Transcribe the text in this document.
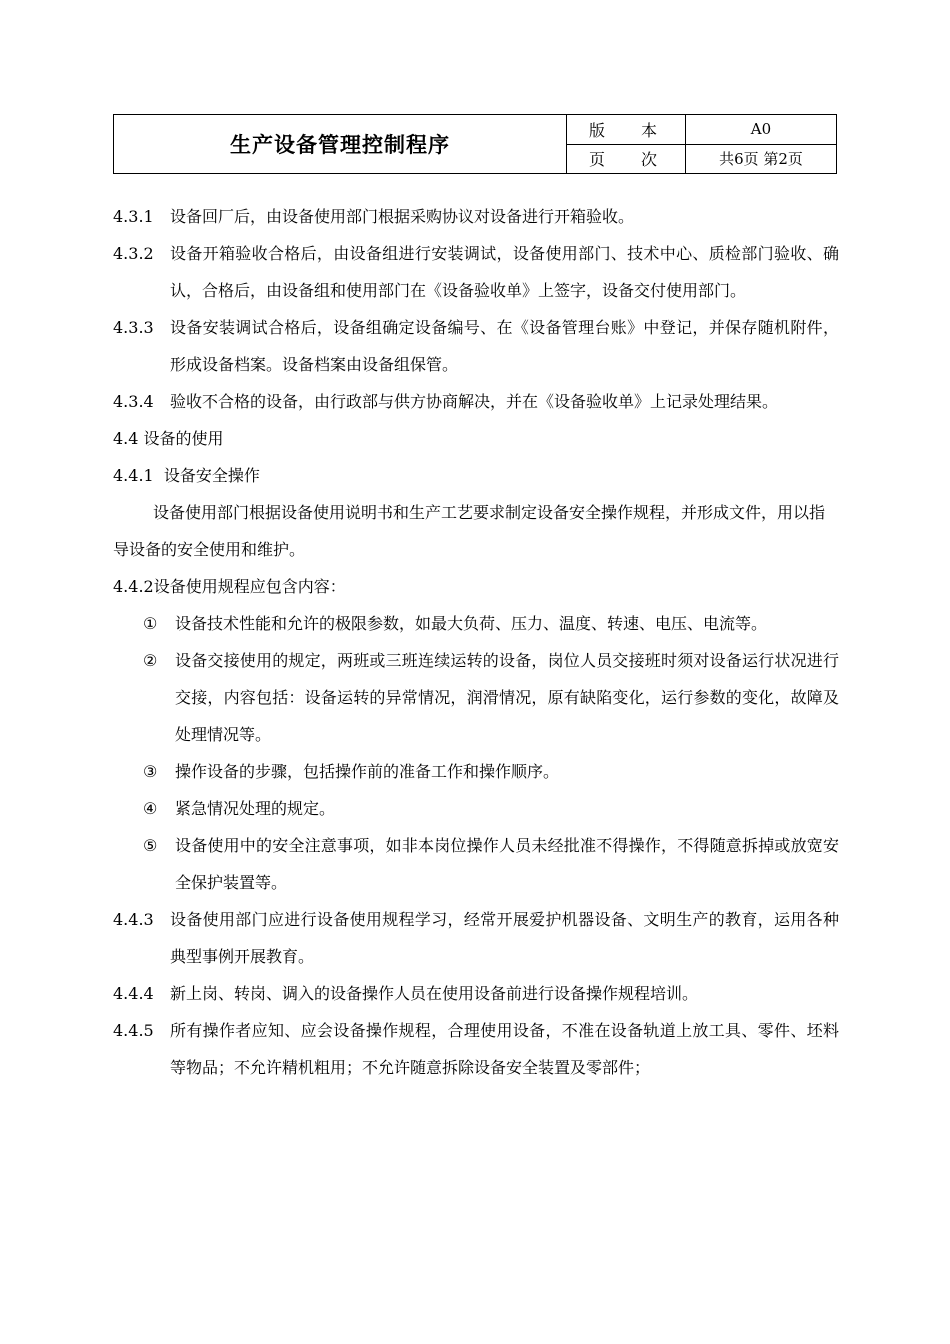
生产设备管理控制程序	版 本	A0

	页 次	共6页 第2页
4.3.1	设备回厂后，由设备使用部门根据采购协议对设备进行开箱验收。
4.3.2	设备开箱验收合格后，由设备组进行安装调试，设备使用部门、技术中心、质检部门验收、确认，合格后，由设备组和使用部门在《设备验收单》上签字，设备交付使用部门。
4.3.3	设备安装调试合格后，设备组确定设备编号、在《设备管理台账》中登记，并保存随机附件，形成设备档案。设备档案由设备组保管。
4.3.4	验收不合格的设备，由行政部与供方协商解决，并在《设备验收单》上记录处理结果。

4.4 设备的使用

4.4.1  设备安全操作

设备使用部门根据设备使用说明书和生产工艺要求制定设备安全操作规程，并形成文件，用以指导设备的安全使用和维护。

4.4.2设备使用规程应包含内容：

①	设备技术性能和允许的极限参数，如最大负荷、压力、温度、转速、电压、电流等。
②	设备交接使用的规定，两班或三班连续运转的设备，岗位人员交接班时须对设备运行状况进行交接，内容包括：设备运转的异常情况，润滑情况，原有缺陷变化，运行参数的变化，故障及处理情况等。
③	操作设备的步骤，包括操作前的准备工作和操作顺序。
④	紧急情况处理的规定。
⑤	设备使用中的安全注意事项，如非本岗位操作人员未经批准不得操作，不得随意拆掉或放宽安全保护装置等。
4.4.3	设备使用部门应进行设备使用规程学习，经常开展爱护机器设备、文明生产的教育，运用各种典型事例开展教育。
4.4.4	新上岗、转岗、调入的设备操作人员在使用设备前进行设备操作规程培训。
4.4.5	所有操作者应知、应会设备操作规程，合理使用设备，不准在设备轨道上放工具、零件、坯料等物品；不允许精机粗用；不允许随意拆除设备安全装置及零部件；
